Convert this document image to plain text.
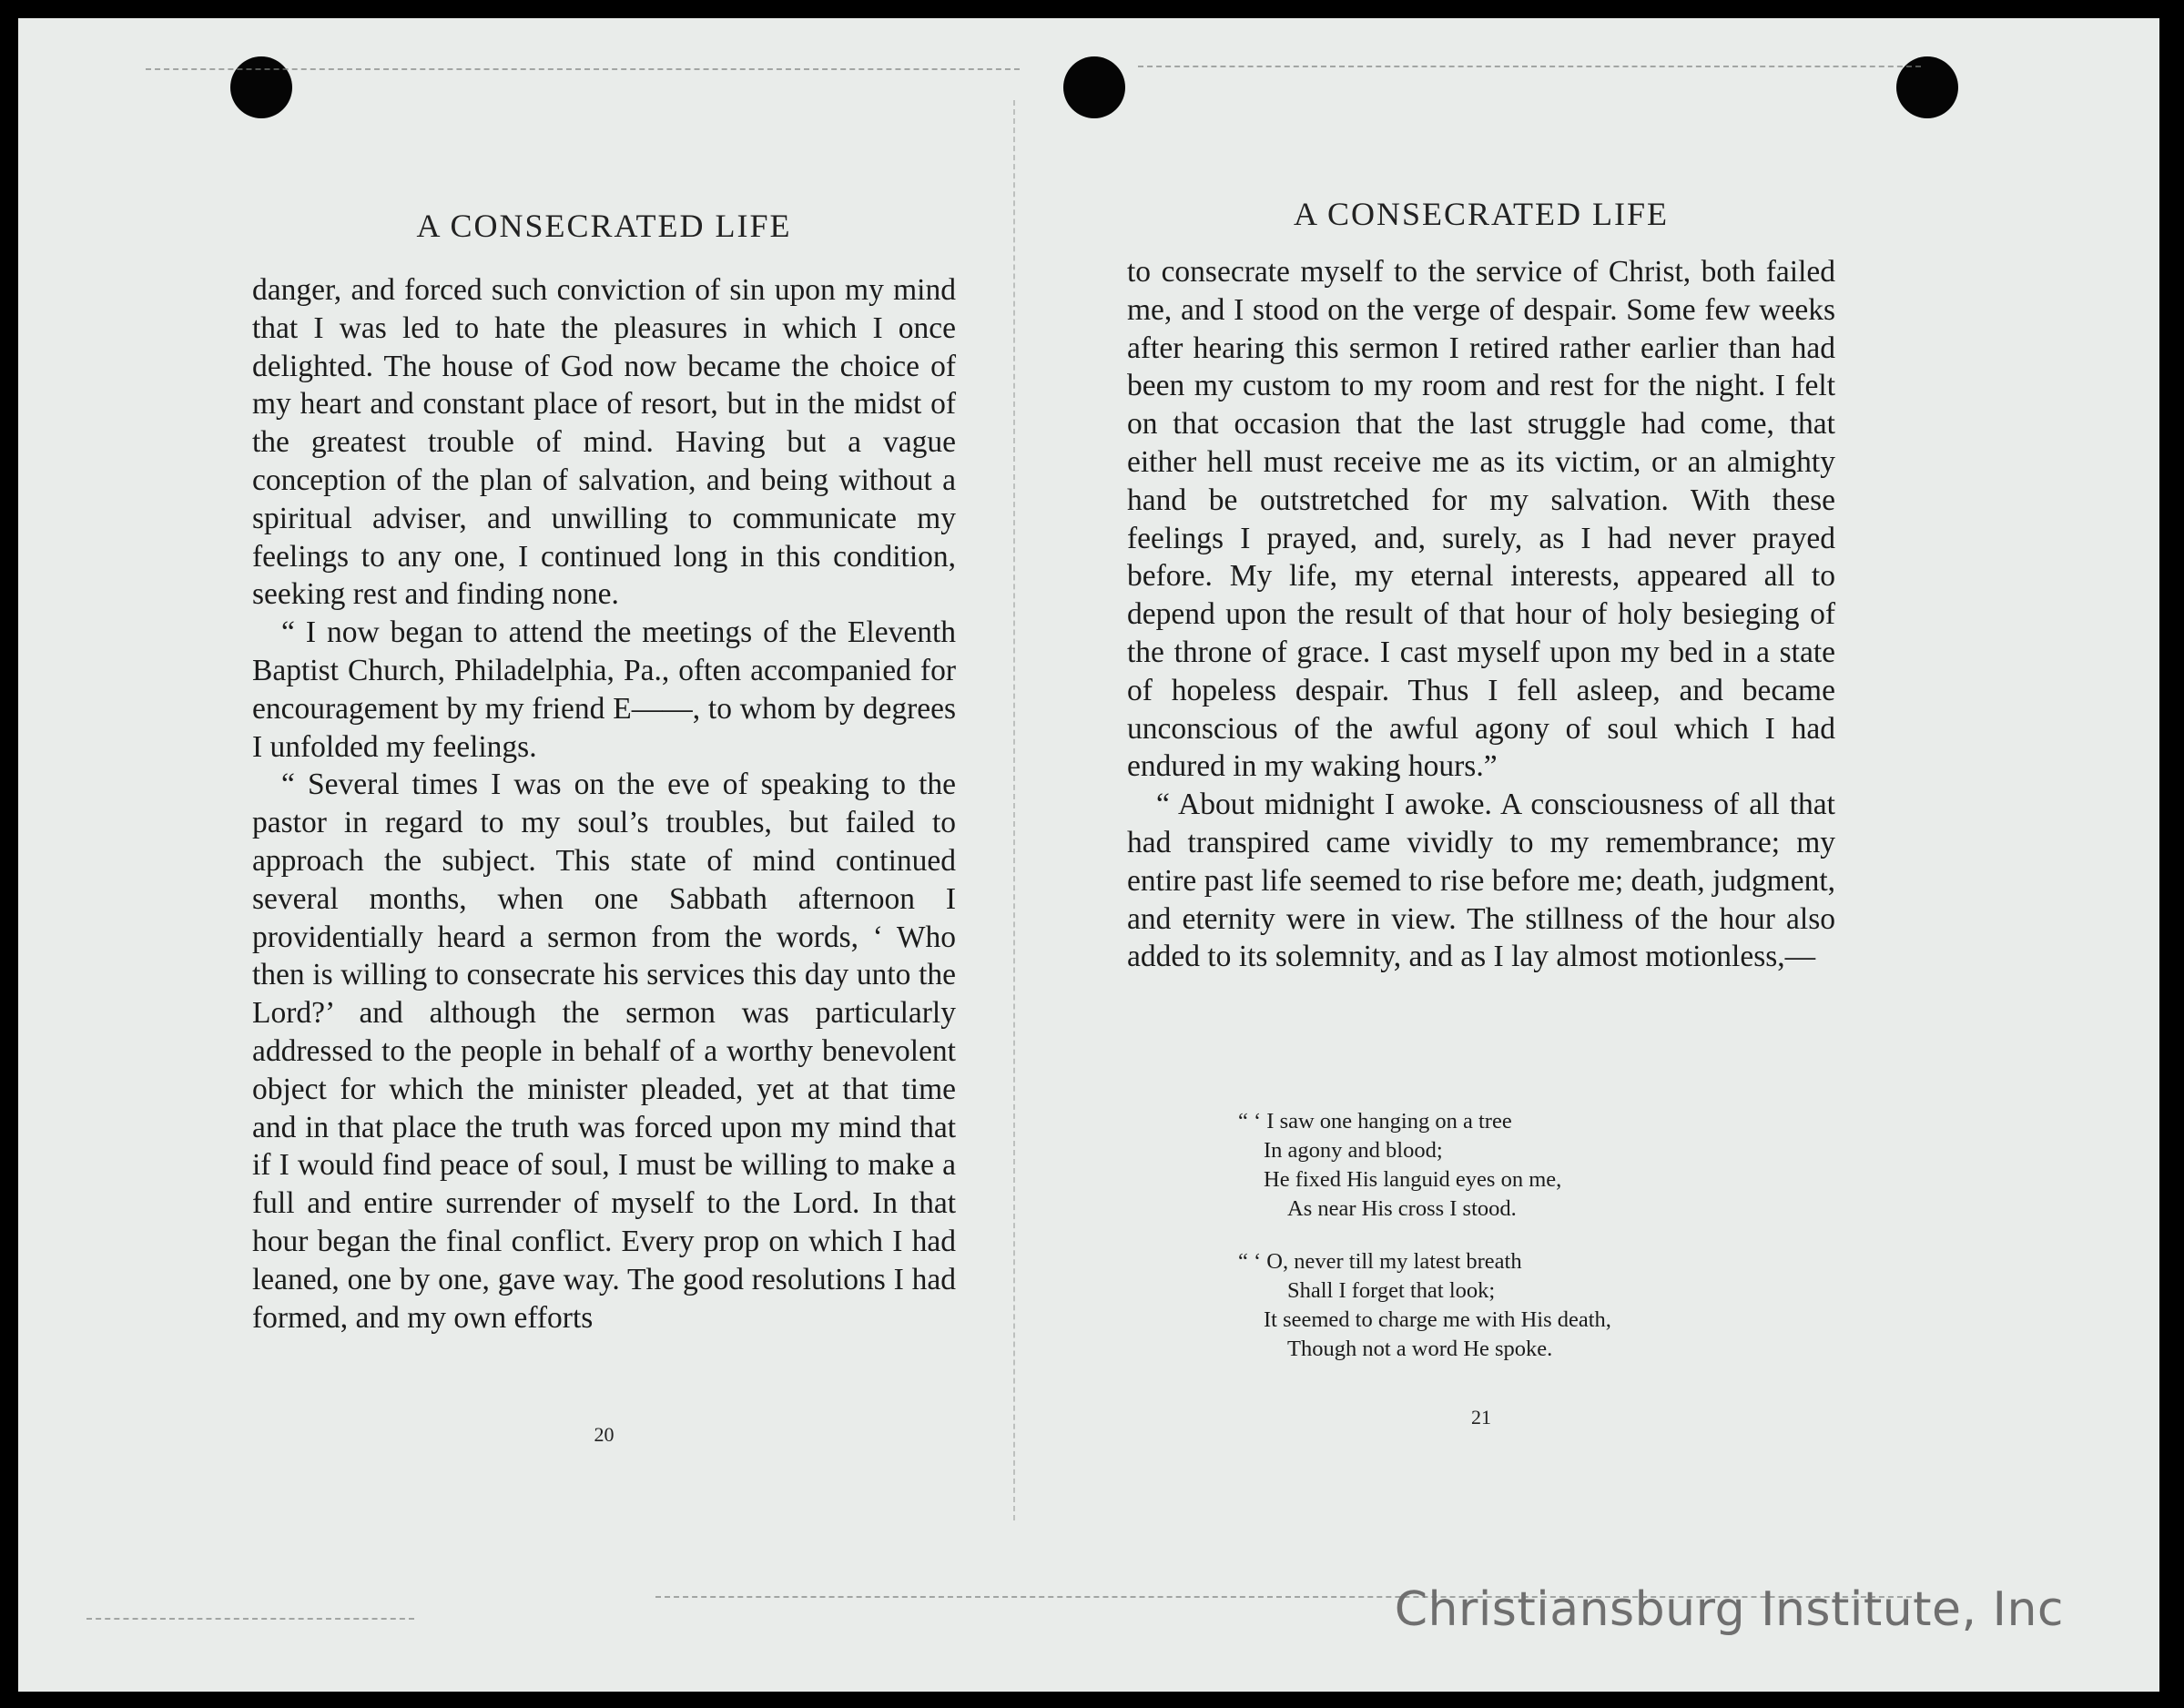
A CONSECRATED LIFE

danger, and forced such conviction of sin upon my mind that I was led to hate the pleasures in which I once delighted. The house of God now became the choice of my heart and constant place of resort, but in the midst of the greatest trouble of mind. Having but a vague conception of the plan of salvation, and being without a spiritual adviser, and unwilling to communicate my feelings to any one, I continued long in this condition, seeking rest and finding none.

“ I now began to attend the meetings of the Eleventh Baptist Church, Philadelphia, Pa., often accompanied for encouragement by my friend E——, to whom by degrees I unfolded my feelings.

“ Several times I was on the eve of speaking to the pastor in regard to my soul’s troubles, but failed to approach the subject. This state of mind continued several months, when one Sabbath afternoon I providentially heard a sermon from the words, ‘ Who then is willing to consecrate his services this day unto the Lord?’ and although the sermon was particularly addressed to the people in behalf of a worthy benevolent object for which the minister pleaded, yet at that time and in that place the truth was forced upon my mind that if I would find peace of soul, I must be willing to make a full and entire surrender of myself to the Lord. In that hour began the final conflict. Every prop on which I had leaned, one by one, gave way. The good resolutions I had formed, and my own efforts

20
A CONSECRATED LIFE

to consecrate myself to the service of Christ, both failed me, and I stood on the verge of despair. Some few weeks after hearing this sermon I retired rather earlier than had been my custom to my room and rest for the night. I felt on that occasion that the last struggle had come, that either hell must receive me as its victim, or an almighty hand be outstretched for my salvation. With these feelings I prayed, and, surely, as I had never prayed before. My life, my eternal interests, appeared all to depend upon the result of that hour of holy besieging of the throne of grace. I cast myself upon my bed in a state of hopeless despair. Thus I fell asleep, and became unconscious of the awful agony of soul which I had endured in my waking hours.”

“ About midnight I awoke. A consciousness of all that had transpired came vividly to my remembrance; my entire past life seemed to rise before me; death, judgment, and eternity were in view. The stillness of the hour also added to its solemnity, and as I lay almost motionless,—

“ ‘ I saw one hanging on a tree
In agony and blood;
He fixed His languid eyes on me,
As near His cross I stood.
“ ‘ O, never till my latest breath
Shall I forget that look;
It seemed to charge me with His death,
Though not a word He spoke.
21
Christiansburg Institute, Inc
